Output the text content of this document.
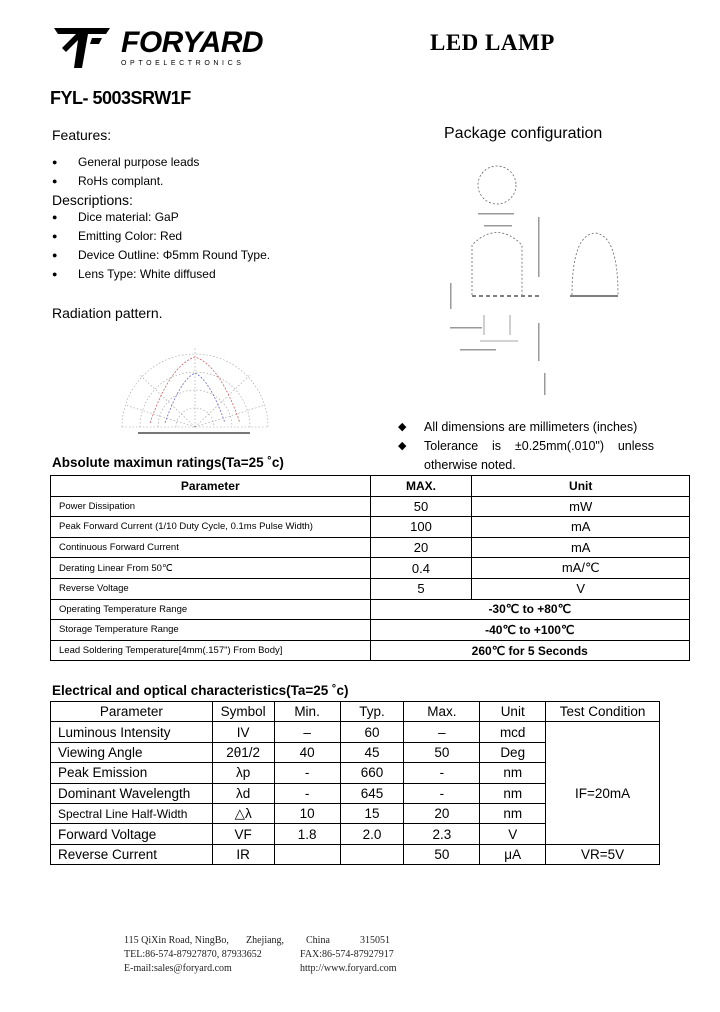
FORYARD
OPTOELECTRONICS
LED LAMP
FYL- 5003SRW1F
Features:
● General purpose leads
● RoHs complant.
Descriptions:
● Dice material: GaP
● Emitting Color: Red
● Device Outline: Φ5mm Round Type.
● Lens Type: White diffused
Radiation pattern.
Package configuration
◆ All dimensions are millimeters (inches)
◆ Tolerance is ±0.25mm(.010") unless
otherwise noted.
Absolute maximun ratings(Ta=25 ˚c)
Parameter	MAX.	Unit
Power Dissipation	50	mW
Peak Forward Current (1/10 Duty Cycle, 0.1ms Pulse Width)	100	mA
Continuous Forward Current	20	mA
Derating Linear From 50℃	0.4	mA/℃
Reverse Voltage	5	V
Operating Temperature Range	-30℃ to +80℃	
Storage Temperature Range	-40℃ to +100℃	
Lead Soldering Temperature[4mm(.157") From Body]	260℃ for 5 Seconds	
Electrical and optical characteristics(Ta=25 ˚c)
Parameter	Symbol	Min.	Typ.	Max.	Unit	Test Condition
Luminous Intensity	IV	–	60	–	mcd	
Viewing Angle	2θ1/2	40	45	50	Deg	IF=20mA
Peak Emission	λp	-	660	-	nm	
Dominant Wavelength	λd	-	645	-	nm	
Spectral Line Half-Width	△λ	10	15	20	nm	
Forward Voltage	VF	1.8	2.0	2.3	V	
Reverse Current	IR			50	μA	VR=5V
115 QiXin Road, NingBo, Zhejiang, China	315051
TEL:86-574-87927870, 87933652	FAX:86-574-87927917
E-mail:sales@foryard.com	http://www.foryard.com
